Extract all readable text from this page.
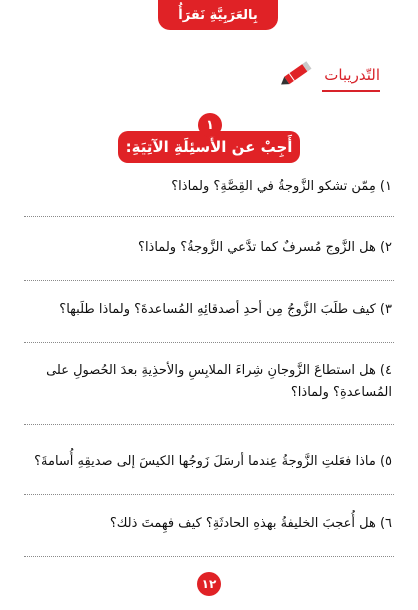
بِالعَرَبِيَّةِ نَقرَأُ
التّدريبات
١
أَجِبْ عن الأَسئِلَةِ الآتِيَةِ:
١) مِمّن تشكو الزَّوجةُ في القِصَّةِ؟ ولماذا؟
٢) هل الزَّوج مُسرفٌ كما تدَّعي الزَّوجةُ؟ ولماذا؟
٣) كيف طلَبَ الزَّوجُ مِن أحدِ أصدقائِهِ المُساعدةَ؟ ولماذا طلَبها؟
٤) هل استطاعَ الزَّوجانِ شِراءَ الملابِسِ والأحذِيةِ بعدَ الحُصولِ على المُساعدةِ؟ ولماذا؟
٥) ماذا فعَلتِ الزَّوجةُ عِندما أرسَلَ زَوجُها الكيسَ إلى صديقِهِ أُسامةَ؟
٦) هل أُعجبَ الخليفةُ بهذهِ الحادثَةِ؟ كيف فهِمتَ ذلك؟
١٢
